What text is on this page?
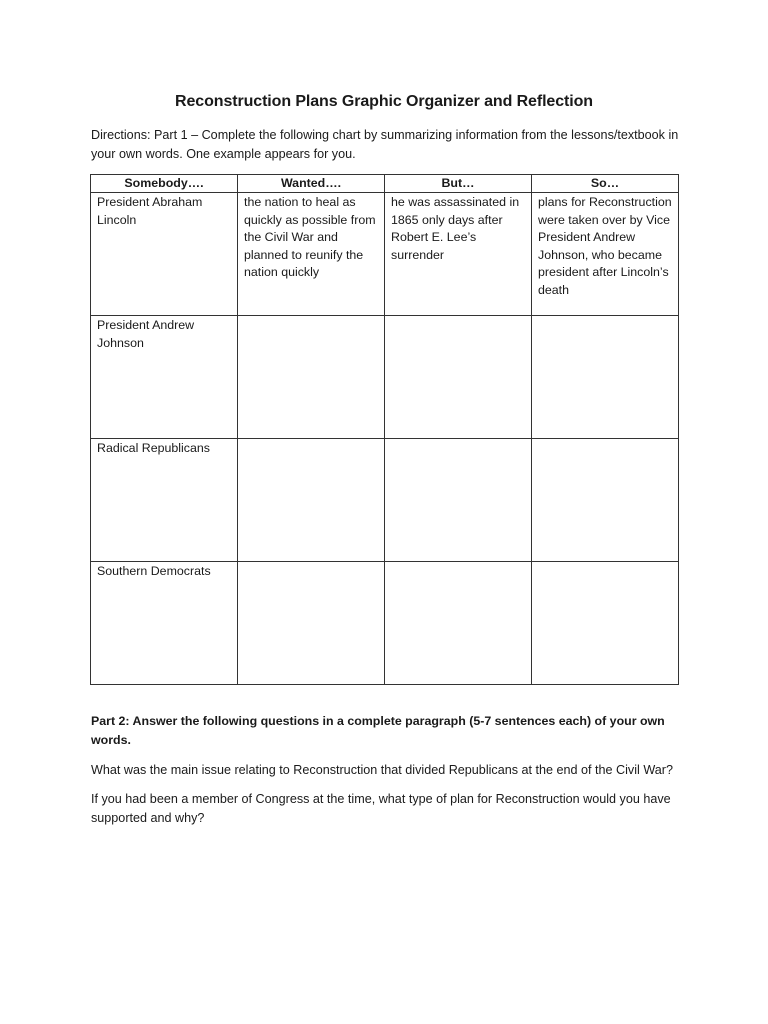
Reconstruction Plans Graphic Organizer and Reflection
Directions: Part 1 – Complete the following chart by summarizing information from the lessons/textbook in your own words. One example appears for you.
Somebody….	Wanted….	But…	So…
President Abraham Lincoln	the nation to heal as quickly as possible from the Civil War and planned to reunify the nation quickly	he was assassinated in 1865 only days after Robert E. Lee’s surrender	plans for Reconstruction were taken over by Vice President Andrew Johnson, who became president after Lincoln’s death
President Andrew Johnson			
Radical Republicans			
Southern Democrats			
Part 2: Answer the following questions in a complete paragraph (5-7 sentences each) of your own words.
What was the main issue relating to Reconstruction that divided Republicans at the end of the Civil War?
If you had been a member of Congress at the time, what type of plan for Reconstruction would you have supported and why?
